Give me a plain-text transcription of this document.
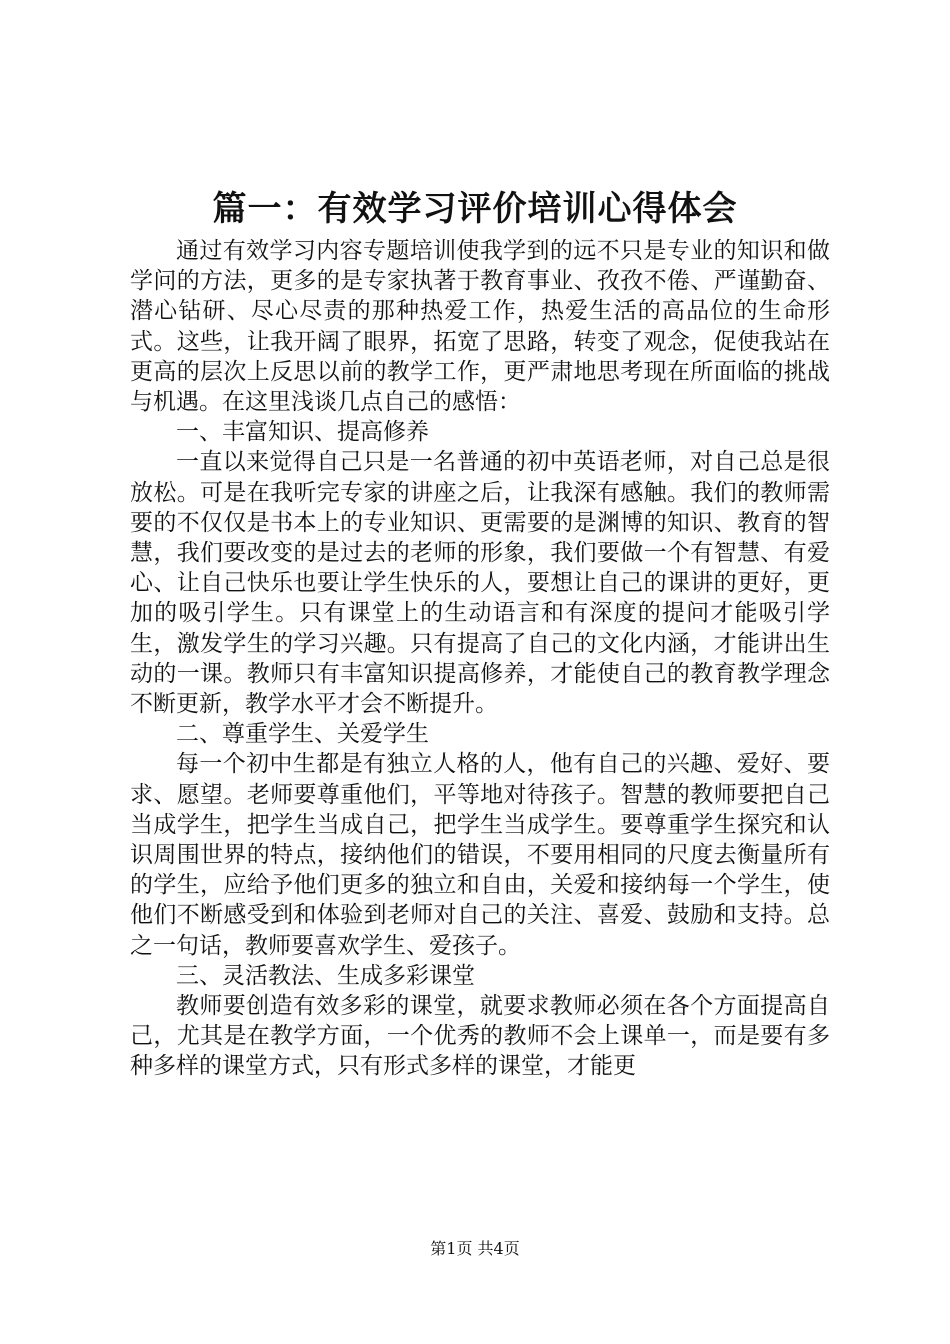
篇一：有效学习评价培训心得体会

通过有效学习内容专题培训使我学到的远不只是专业的知识和做学问的方法，更多的是专家执著于教育事业、孜孜不倦、严谨勤奋、潜心钻研、尽心尽责的那种热爱工作，热爱生活的高品位的生命形式。这些，让我开阔了眼界，拓宽了思路，转变了观念，促使我站在更高的层次上反思以前的教学工作，更严肃地思考现在所面临的挑战与机遇。在这里浅谈几点自己的感悟：

一、丰富知识、提高修养

一直以来觉得自己只是一名普通的初中英语老师，对自己总是很放松。可是在我听完专家的讲座之后，让我深有感触。我们的教师需要的不仅仅是书本上的专业知识、更需要的是渊博的知识、教育的智慧，我们要改变的是过去的老师的形象，我们要做一个有智慧、有爱心、让自己快乐也要让学生快乐的人，要想让自己的课讲的更好，更加的吸引学生。只有课堂上的生动语言和有深度的提问才能吸引学生，激发学生的学习兴趣。只有提高了自己的文化内涵，才能讲出生动的一课。教师只有丰富知识提高修养，才能使自己的教育教学理念不断更新，教学水平才会不断提升。

二、尊重学生、关爱学生

每一个初中生都是有独立人格的人，他有自己的兴趣、爱好、要求、愿望。老师要尊重他们，平等地对待孩子。智慧的教师要把自己当成学生，把学生当成自己，把学生当成学生。要尊重学生探究和认识周围世界的特点，接纳他们的错误，不要用相同的尺度去衡量所有的学生，应给予他们更多的独立和自由，关爱和接纳每一个学生，使他们不断感受到和体验到老师对自己的关注、喜爱、鼓励和支持。总之一句话，教师要喜欢学生、爱孩子。

三、灵活教法、生成多彩课堂

教师要创造有效多彩的课堂，就要求教师必须在各个方面提高自己，尤其是在教学方面，一个优秀的教师不会上课单一，而是要有多种多样的课堂方式，只有形式多样的课堂，才能更

第1页 共4页
